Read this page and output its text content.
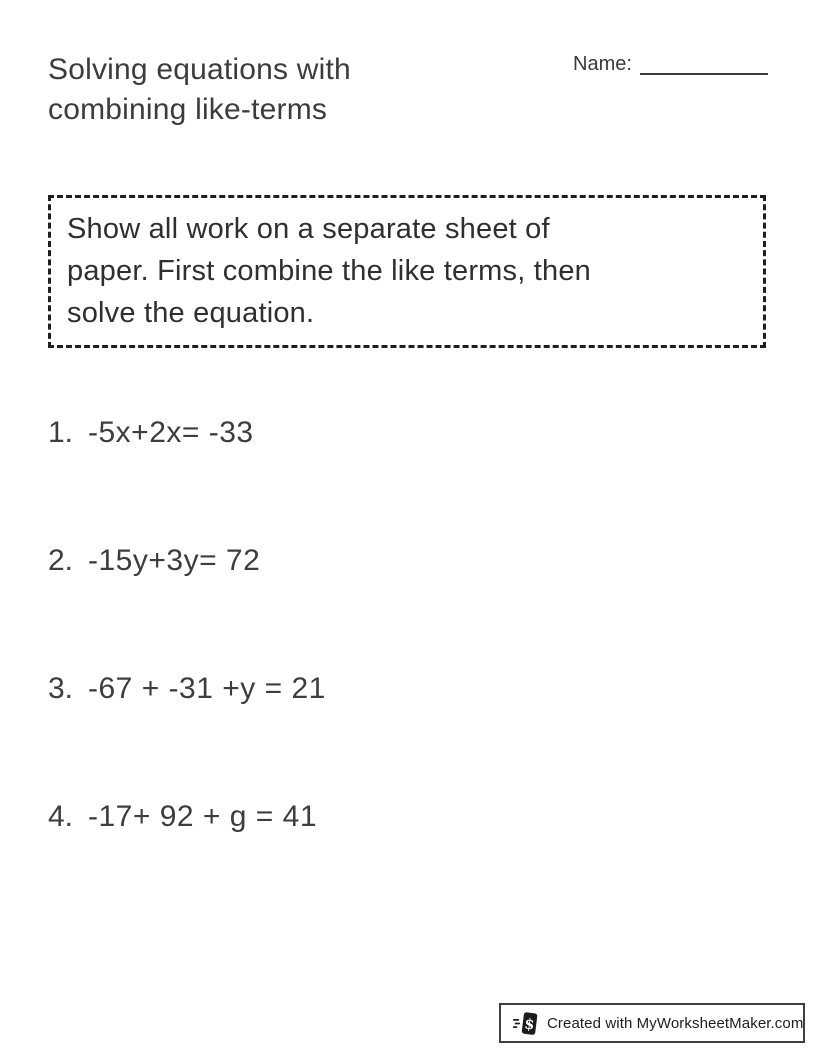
Solving equations with
combining like-terms
Name:
Show all work on a separate sheet of
paper. First combine the like terms, then
solve the equation.
1. -5x+2x= -33
2. -15y+3y= 72
3. -67 + -31 +y = 21
4. -17+ 92 + g = 41
$ Created with MyWorksheetMaker.com
